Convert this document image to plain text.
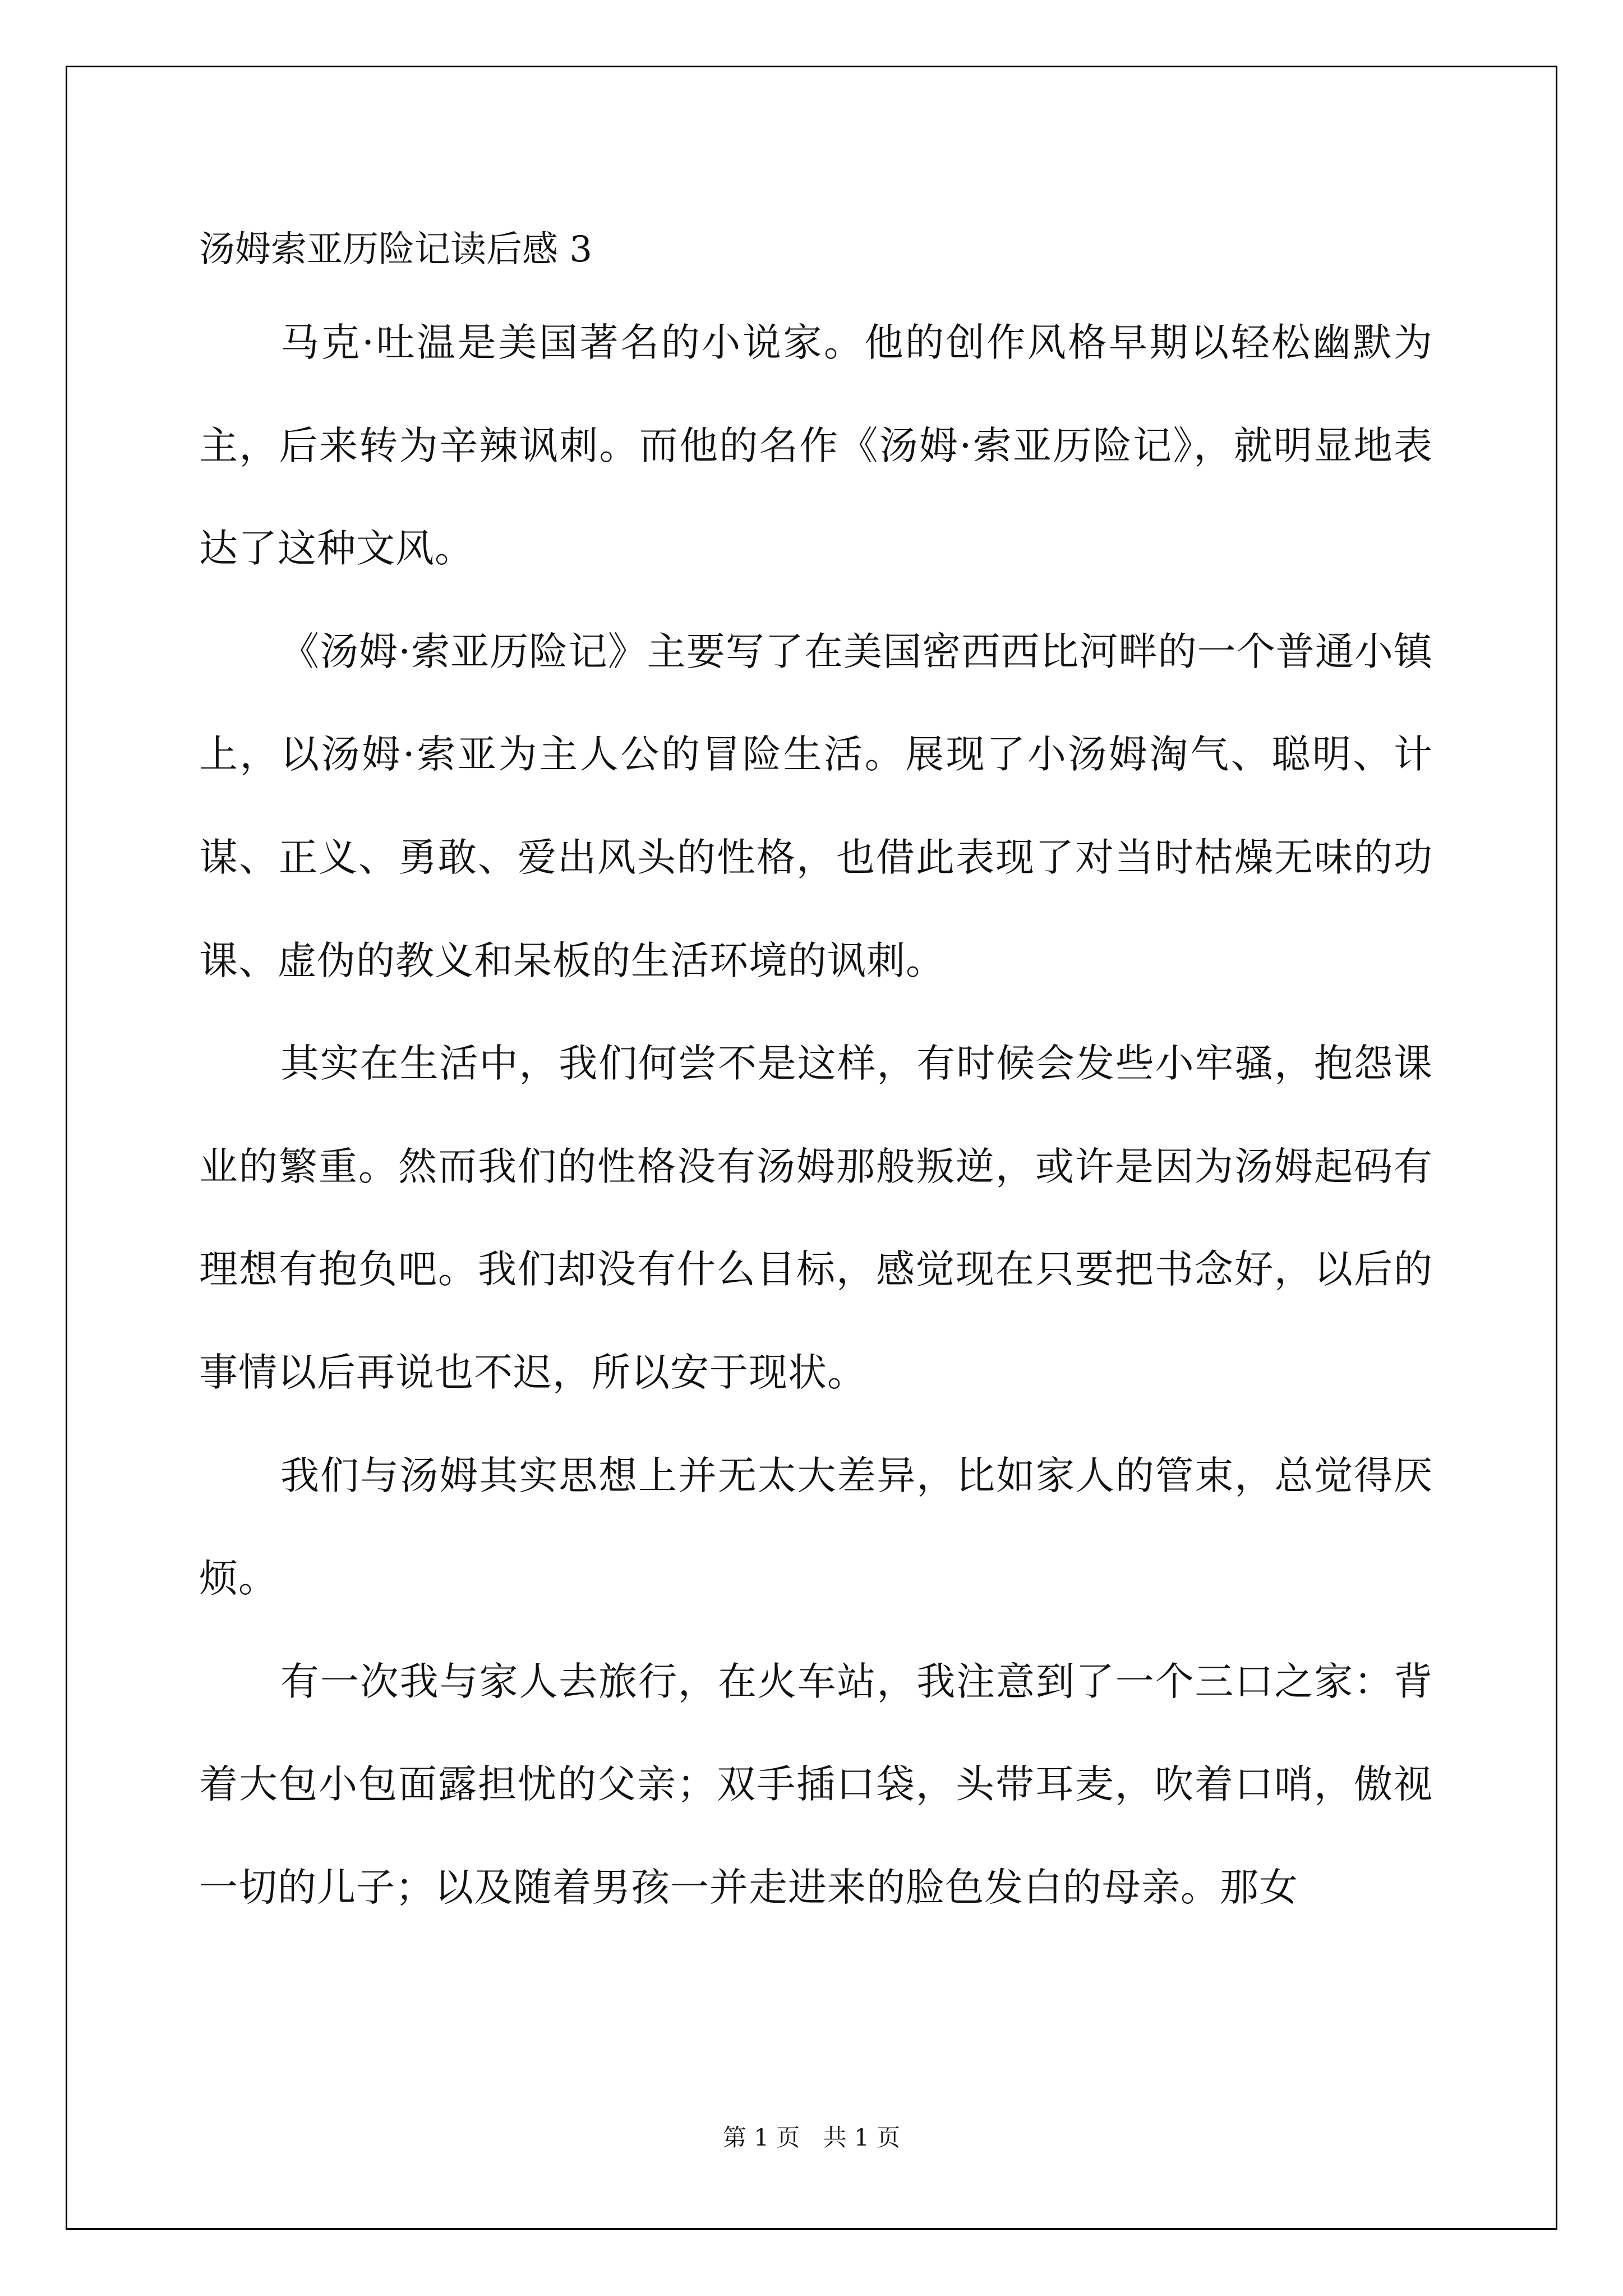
汤姆索亚历险记读后感 3

马克·吐温是美国著名的小说家。他的创作风格早期以轻松幽默为主，后来转为辛辣讽刺。而他的名作《汤姆·索亚历险记》，就明显地表达了这种文风。

《汤姆·索亚历险记》主要写了在美国密西西比河畔的一个普通小镇上，以汤姆·索亚为主人公的冒险生活。展现了小汤姆淘气、聪明、计谋、正义、勇敢、爱出风头的性格，也借此表现了对当时枯燥无味的功课、虚伪的教义和呆板的生活环境的讽刺。

其实在生活中，我们何尝不是这样，有时候会发些小牢骚，抱怨课业的繁重。然而我们的性格没有汤姆那般叛逆，或许是因为汤姆起码有理想有抱负吧。我们却没有什么目标，感觉现在只要把书念好，以后的事情以后再说也不迟，所以安于现状。

我们与汤姆其实思想上并无太大差异，比如家人的管束，总觉得厌烦。

有一次我与家人去旅行，在火车站，我注意到了一个三口之家：背着大包小包面露担忧的父亲；双手插口袋，头带耳麦，吹着口哨，傲视一切的儿子；以及随着男孩一并走进来的脸色发白的母亲。那女

第 1 页 共 1 页
